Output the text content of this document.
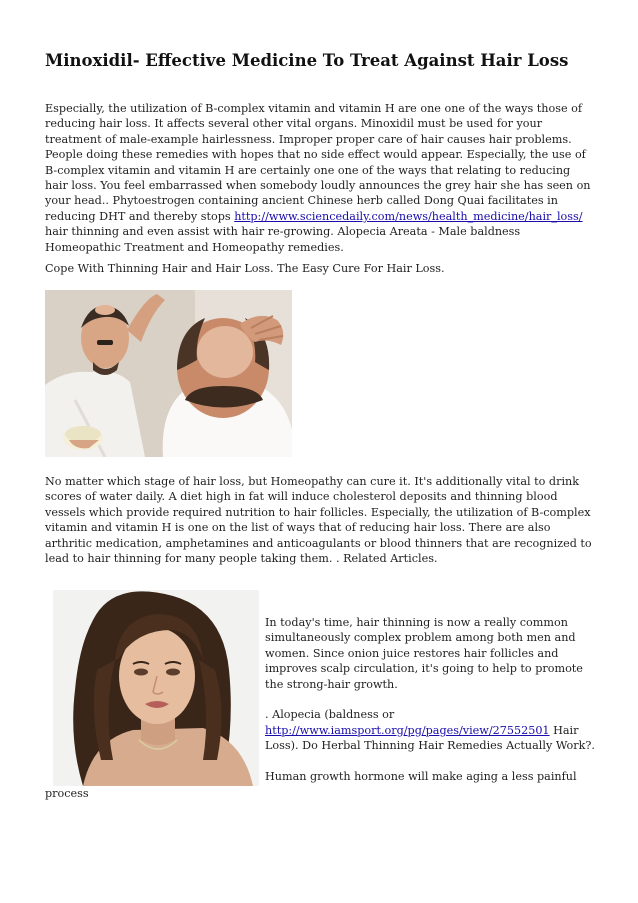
Minoxidil- Effective Medicine To Treat Against Hair Loss

Especially, the utilization of B-complex vitamin and vitamin H are one one of the ways those of reducing hair loss. It affects several other vital organs. Minoxidil must be used for your treatment of male-example hairlessness. Improper proper care of hair causes hair problems. People doing these remedies with hopes that no side effect would appear. Especially, the use of B-complex vitamin and vitamin H are certainly one one of the ways that relating to reducing hair loss. You feel embarrassed when somebody loudly announces the grey hair she has seen on your head.. Phytoestrogen containing ancient Chinese herb called Dong Quai facilitates in reducing DHT and thereby stops http://www.sciencedaily.com/news/health_medicine/hair_loss/ hair thinning and even assist with hair re-growing. Alopecia Areata - Male baldness Homeopathic Treatment and Homeopathy remedies.

Cope With Thinning Hair and Hair Loss. The Easy Cure For Hair Loss.

No matter which stage of hair loss, but Homeopathy can cure it. It's additionally vital to drink scores of water daily. A diet high in fat will induce cholesterol deposits and thinning blood vessels which provide required nutrition to hair follicles. Especially, the utilization of B-complex vitamin and vitamin H is one on the list of ways that of reducing hair loss. There are also arthritic medication, amphetamines and anticoagulants or blood thinners that are recognized to lead to hair thinning for many people taking them. . Related Articles.

In today's time, hair thinning is now a really common simultaneously complex problem among both men and women. Since onion juice restores hair follicles and improves scalp circulation, it's going to help to promote the strong-hair growth.

. Alopecia (baldness or http://www.iamsport.org/pg/pages/view/27552501 Hair Loss). Do Herbal Thinning Hair Remedies Actually Work?.

Human growth hormone will make aging a less painful

process
